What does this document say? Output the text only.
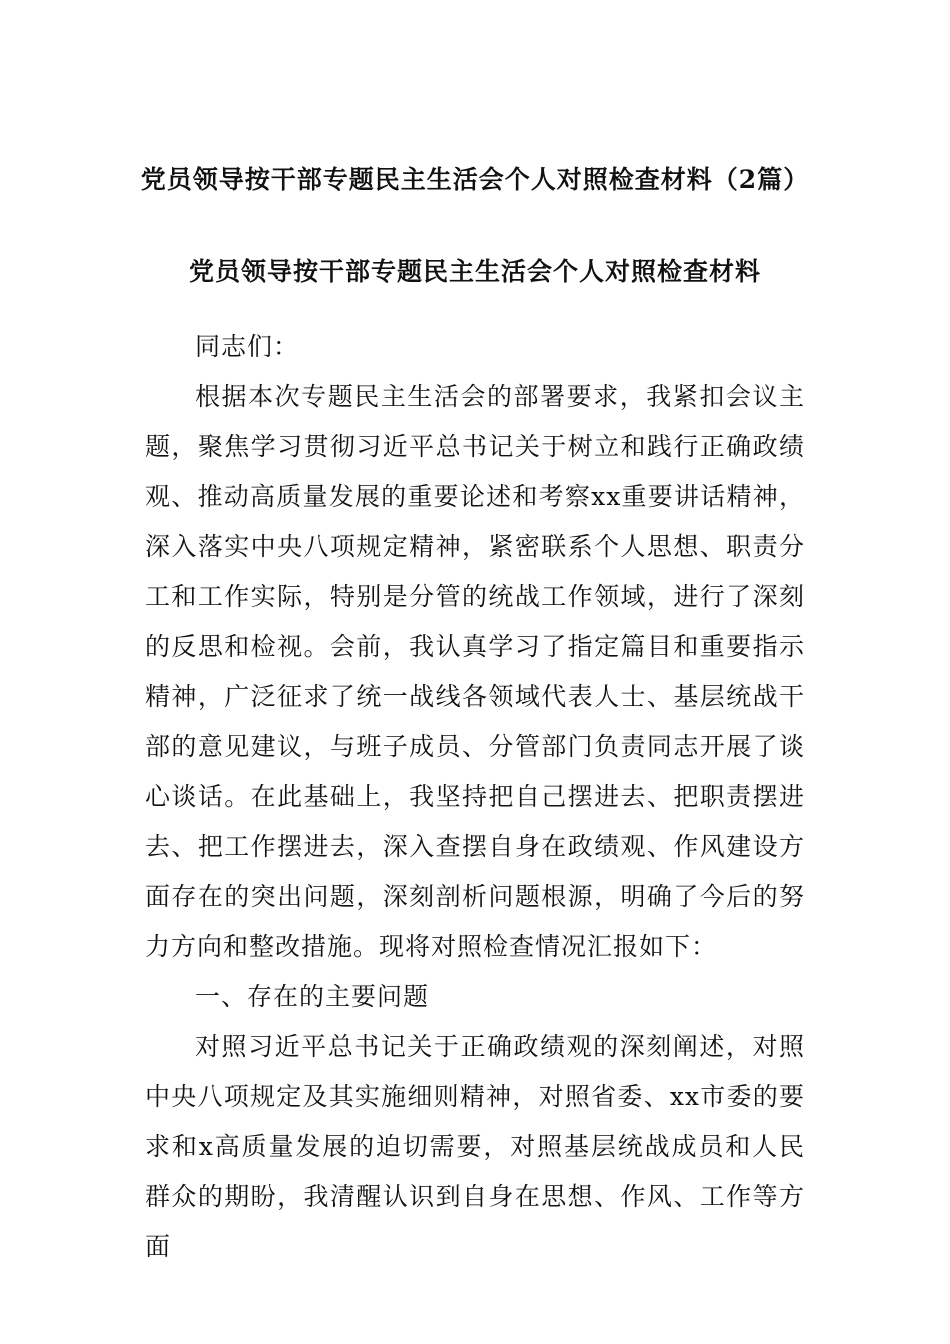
党员领导按干部专题民主生活会个人对照检查材料（2篇）
党员领导按干部专题民主生活会个人对照检查材料

同志们：

根据本次专题民主生活会的部署要求，我紧扣会议主题，聚焦学习贯彻习近平总书记关于树立和践行正确政绩观、推动高质量发展的重要论述和考察xx重要讲话精神，深入落实中央八项规定精神，紧密联系个人思想、职责分工和工作实际，特别是分管的统战工作领域，进行了深刻的反思和检视。会前，我认真学习了指定篇目和重要指示精神，广泛征求了统一战线各领域代表人士、基层统战干部的意见建议，与班子成员、分管部门负责同志开展了谈心谈话。在此基础上，我坚持把自己摆进去、把职责摆进去、把工作摆进去，深入查摆自身在政绩观、作风建设方面存在的突出问题，深刻剖析问题根源，明确了今后的努力方向和整改措施。现将对照检查情况汇报如下：

一、存在的主要问题

对照习近平总书记关于正确政绩观的深刻阐述，对照中央八项规定及其实施细则精神，对照省委、xx市委的要求和x高质量发展的迫切需要，对照基层统战成员和人民群众的期盼，我清醒认识到自身在思想、作风、工作等方面
